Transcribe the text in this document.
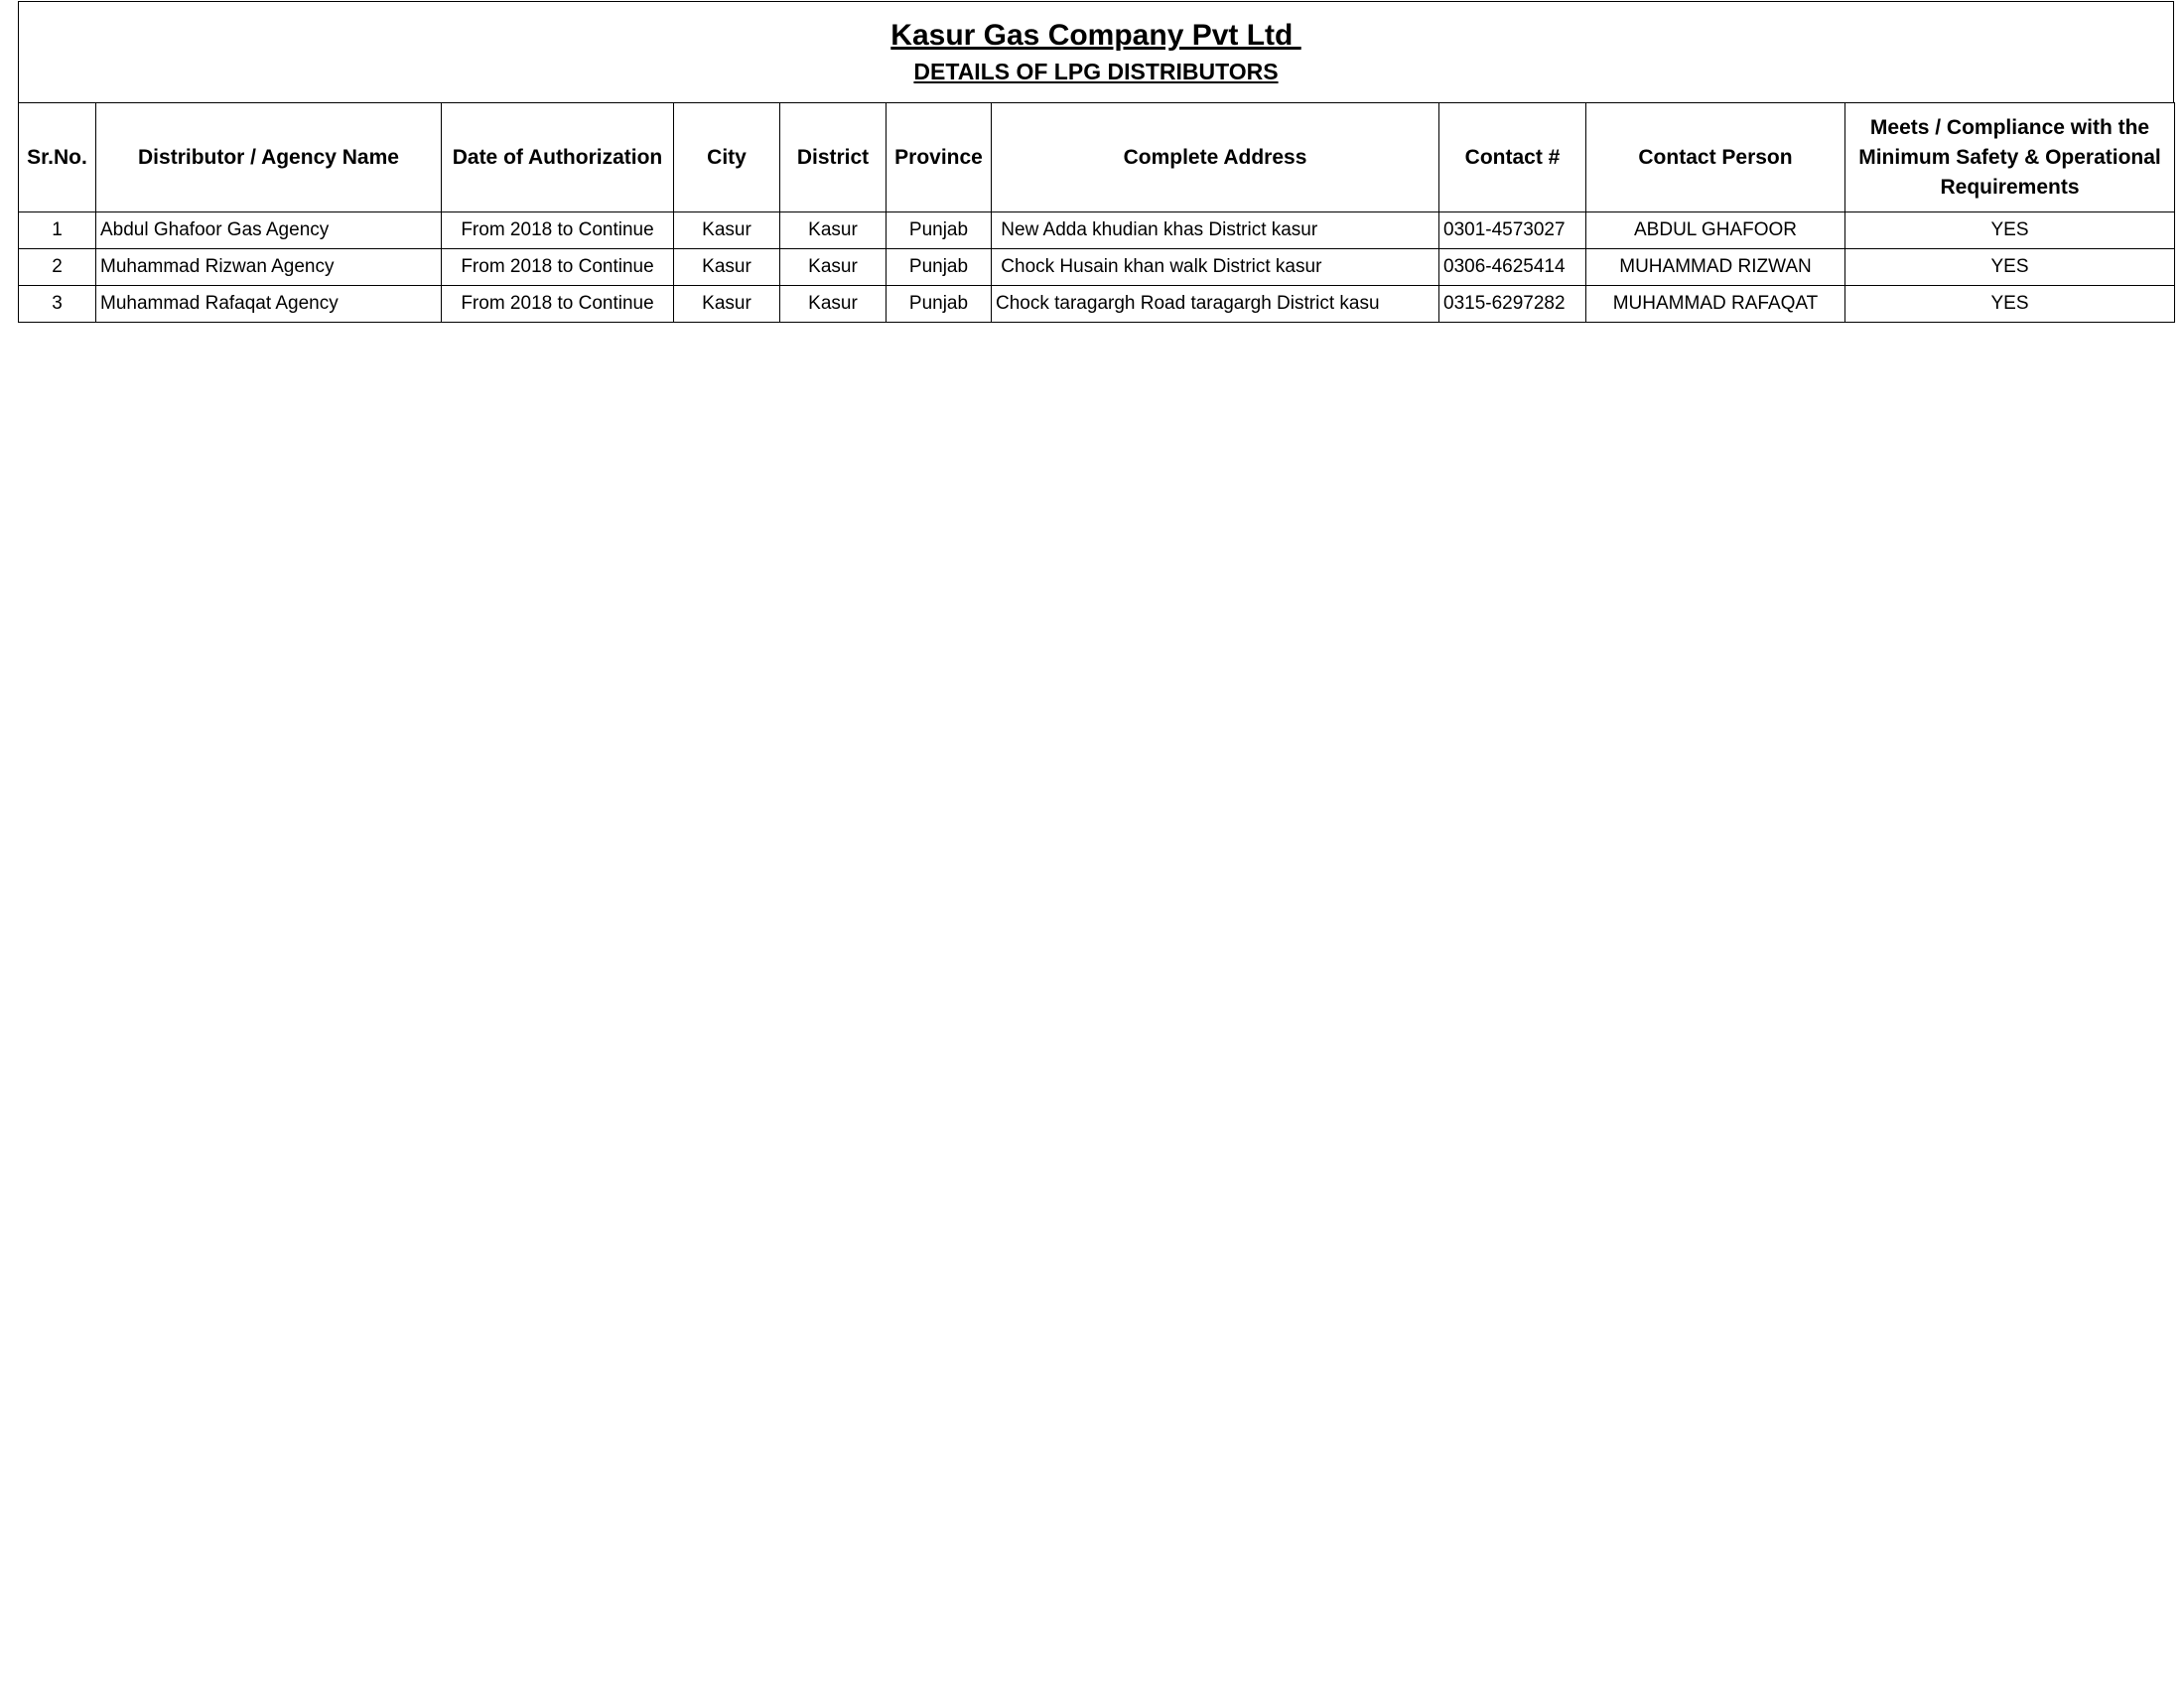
Kasur Gas Company Pvt Ltd
DETAILS OF LPG DISTRIBUTORS
Sr.No.	Distributor / Agency Name	Date of Authorization	City	District	Province	Complete Address	Contact #	Contact Person	Meets / Compliance with the Minimum Safety & Operational Requirements
1	Abdul Ghafoor Gas Agency	From 2018 to Continue	Kasur	Kasur	Punjab	New Adda khudian khas District kasur	0301-4573027	ABDUL GHAFOOR	YES
2	Muhammad Rizwan Agency	From 2018 to Continue	Kasur	Kasur	Punjab	Chock Husain khan walk District kasur	0306-4625414	MUHAMMAD RIZWAN	YES
3	Muhammad Rafaqat Agency	From 2018 to Continue	Kasur	Kasur	Punjab	Chock taragargh Road taragargh District kasu	0315-6297282	MUHAMMAD RAFAQAT	YES
